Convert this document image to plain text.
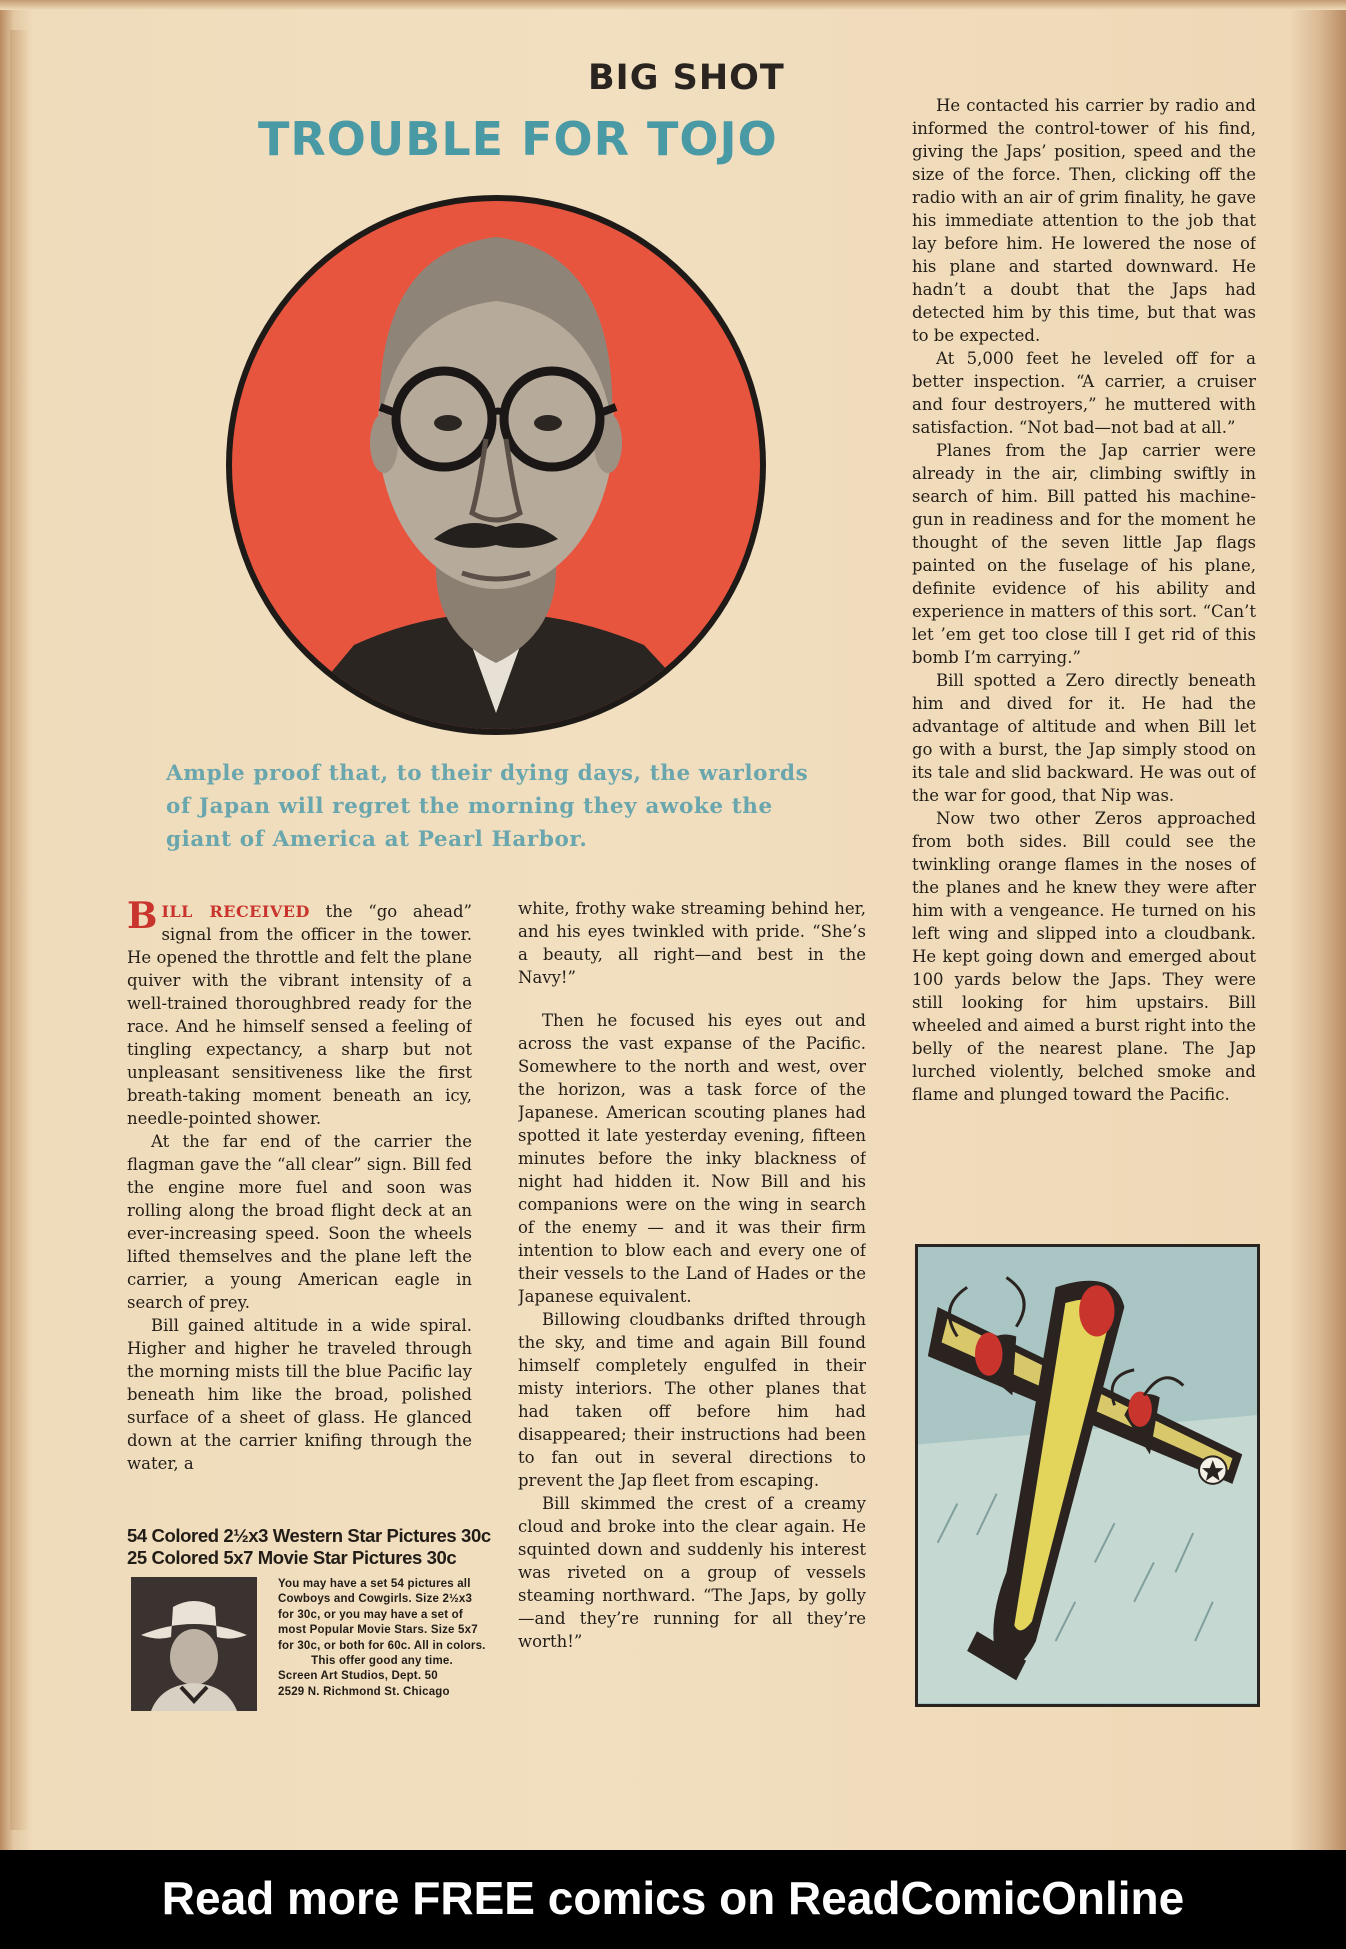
BIG SHOT
TROUBLE FOR TOJO
Ample proof that, to their dying days, the warlords of Japan will regret the morning they awoke the giant of America at Pearl Harbor.

BILL RECEIVED the “go ahead” signal from the officer in the tower. He opened the throttle and felt the plane quiver with the vibrant intensity of a well-trained thoroughbred ready for the race. And he himself sensed a feeling of tingling expectancy, a sharp but not unpleasant sensitiveness like the first breath-taking moment beneath an icy, needle-pointed shower.

At the far end of the carrier the flagman gave the “all clear” sign. Bill fed the engine more fuel and soon was rolling along the broad flight deck at an ever-increasing speed. Soon the wheels lifted themselves and the plane left the carrier, a young American eagle in search of prey.

Bill gained altitude in a wide spiral. Higher and higher he traveled through the morning mists till the blue Pacific lay beneath him like the broad, polished surface of a sheet of glass. He glanced down at the carrier knifing through the water, a

white, frothy wake streaming behind her, and his eyes twinkled with pride. “She’s a beauty, all right—and best in the Navy!”

Then he focused his eyes out and across the vast expanse of the Pacific. Somewhere to the north and west, over the horizon, was a task force of the Japanese. American scouting planes had spotted it late yesterday evening, fifteen minutes before the inky blackness of night had hidden it. Now Bill and his companions were on the wing in search of the enemy — and it was their firm intention to blow each and every one of their vessels to the Land of Hades or the Japanese equivalent.

Billowing cloudbanks drifted through the sky, and time and again Bill found himself completely engulfed in their misty interiors. The other planes that had taken off before him had disappeared; their instructions had been to fan out in several directions to prevent the Jap fleet from escaping.

Bill skimmed the crest of a creamy cloud and broke into the clear again. He squinted down and suddenly his interest was riveted on a group of vessels steaming northward. “The Japs, by golly—and they’re running for all they’re worth!”

He contacted his carrier by radio and informed the control-tower of his find, giving the Japs’ position, speed and the size of the force. Then, clicking off the radio with an air of grim finality, he gave his immediate attention to the job that lay before him. He lowered the nose of his plane and started downward. He hadn’t a doubt that the Japs had detected him by this time, but that was to be expected.

At 5,000 feet he leveled off for a better inspection. “A carrier, a cruiser and four destroyers,” he muttered with satisfaction. “Not bad—not bad at all.”

Planes from the Jap carrier were already in the air, climbing swiftly in search of him. Bill patted his machine-gun in readiness and for the moment he thought of the seven little Jap flags painted on the fuselage of his plane, definite evidence of his ability and experience in matters of this sort. “Can’t let ’em get too close till I get rid of this bomb I’m carrying.”

Bill spotted a Zero directly beneath him and dived for it. He had the advantage of altitude and when Bill let go with a burst, the Jap simply stood on its tale and slid backward. He was out of the war for good, that Nip was.

Now two other Zeros approached from both sides. Bill could see the twinkling orange flames in the noses of the planes and he knew they were after him with a vengeance. He turned on his left wing and slipped into a cloudbank. He kept going down and emerged about 100 yards below the Japs. They were still looking for him upstairs. Bill wheeled and aimed a burst right into the belly of the nearest plane. The Jap lurched violently, belched smoke and flame and plunged toward the Pacific.

54 Colored 2½x3 Western Star Pictures 30c
25 Colored 5x7 Movie Star Pictures 30c
You may have a set 54 pictures all Cowboys and Cowgirls. Size 2½x3 for 30c, or you may have a set of most Popular Movie Stars. Size 5x7 for 30c, or both for 60c. All in colors.
This offer good any time.
Screen Art Studios, Dept. 50
2529 N. Richmond St. Chicago
Read more FREE comics on ReadComicOnline
